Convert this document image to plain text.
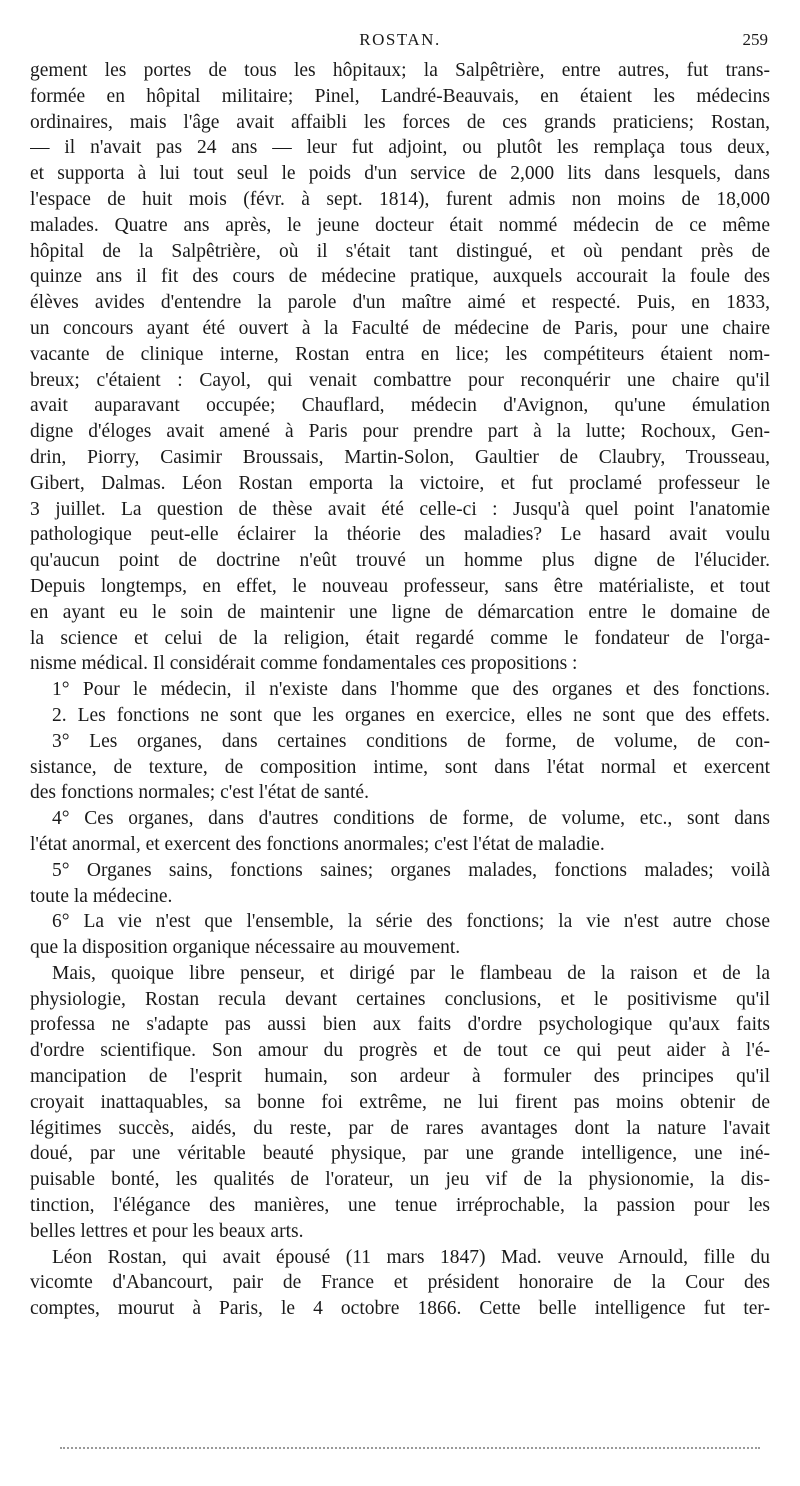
ROSTAN.	259
gement les portes de tous les hôpitaux; la Salpêtrière, entre autres, fut trans-
formée en hôpital militaire; Pinel, Landré-Beauvais, en étaient les médecins
ordinaires, mais l'âge avait affaibli les forces de ces grands praticiens; Rostan,
— il n'avait pas 24 ans — leur fut adjoint, ou plutôt les remplaça tous deux,
et supporta à lui tout seul le poids d'un service de 2,000 lits dans lesquels, dans
l'espace de huit mois (févr. à sept. 1814), furent admis non moins de 18,000
malades. Quatre ans après, le jeune docteur était nommé médecin de ce même
hôpital de la Salpêtrière, où il s'était tant distingué, et où pendant près de
quinze ans il fit des cours de médecine pratique, auxquels accourait la foule des
élèves avides d'entendre la parole d'un maître aimé et respecté. Puis, en 1833,
un concours ayant été ouvert à la Faculté de médecine de Paris, pour une chaire
vacante de clinique interne, Rostan entra en lice; les compétiteurs étaient nom-
breux; c'étaient : Cayol, qui venait combattre pour reconquérir une chaire qu'il
avait auparavant occupée; Chauflard, médecin d'Avignon, qu'une émulation
digne d'éloges avait amené à Paris pour prendre part à la lutte; Rochoux, Gen-
drin, Piorry, Casimir Broussais, Martin-Solon, Gaultier de Claubry, Trousseau,
Gibert, Dalmas. Léon Rostan emporta la victoire, et fut proclamé professeur le
3 juillet. La question de thèse avait été celle-ci : Jusqu'à quel point l'anatomie
pathologique peut-elle éclairer la théorie des maladies? Le hasard avait voulu
qu'aucun point de doctrine n'eût trouvé un homme plus digne de l'élucider.
Depuis longtemps, en effet, le nouveau professeur, sans être matérialiste, et tout
en ayant eu le soin de maintenir une ligne de démarcation entre le domaine de
la science et celui de la religion, était regardé comme le fondateur de l'orga-
nisme médical. Il considérait comme fondamentales ces propositions :
1° Pour le médecin, il n'existe dans l'homme que des organes et des fonctions.
2. Les fonctions ne sont que les organes en exercice, elles ne sont que des effets.
3° Les organes, dans certaines conditions de forme, de volume, de con-
sistance, de texture, de composition intime, sont dans l'état normal et exercent
des fonctions normales; c'est l'état de santé.
4° Ces organes, dans d'autres conditions de forme, de volume, etc., sont dans
l'état anormal, et exercent des fonctions anormales; c'est l'état de maladie.
5° Organes sains, fonctions saines; organes malades, fonctions malades; voilà
toute la médecine.
6° La vie n'est que l'ensemble, la série des fonctions; la vie n'est autre chose
que la disposition organique nécessaire au mouvement.
Mais, quoique libre penseur, et dirigé par le flambeau de la raison et de la
physiologie, Rostan recula devant certaines conclusions, et le positivisme qu'il
professa ne s'adapte pas aussi bien aux faits d'ordre psychologique qu'aux faits
d'ordre scientifique. Son amour du progrès et de tout ce qui peut aider à l'é-
mancipation de l'esprit humain, son ardeur à formuler des principes qu'il
croyait inattaquables, sa bonne foi extrême, ne lui firent pas moins obtenir de
légitimes succès, aidés, du reste, par de rares avantages dont la nature l'avait
doué, par une véritable beauté physique, par une grande intelligence, une iné-
puisable bonté, les qualités de l'orateur, un jeu vif de la physionomie, la dis-
tinction, l'élégance des manières, une tenue irréprochable, la passion pour les
belles lettres et pour les beaux arts.
Léon Rostan, qui avait épousé (11 mars 1847) Mad. veuve Arnould, fille du
vicomte d'Abancourt, pair de France et président honoraire de la Cour des
comptes, mourut à Paris, le 4 octobre 1866. Cette belle intelligence fut ter-
